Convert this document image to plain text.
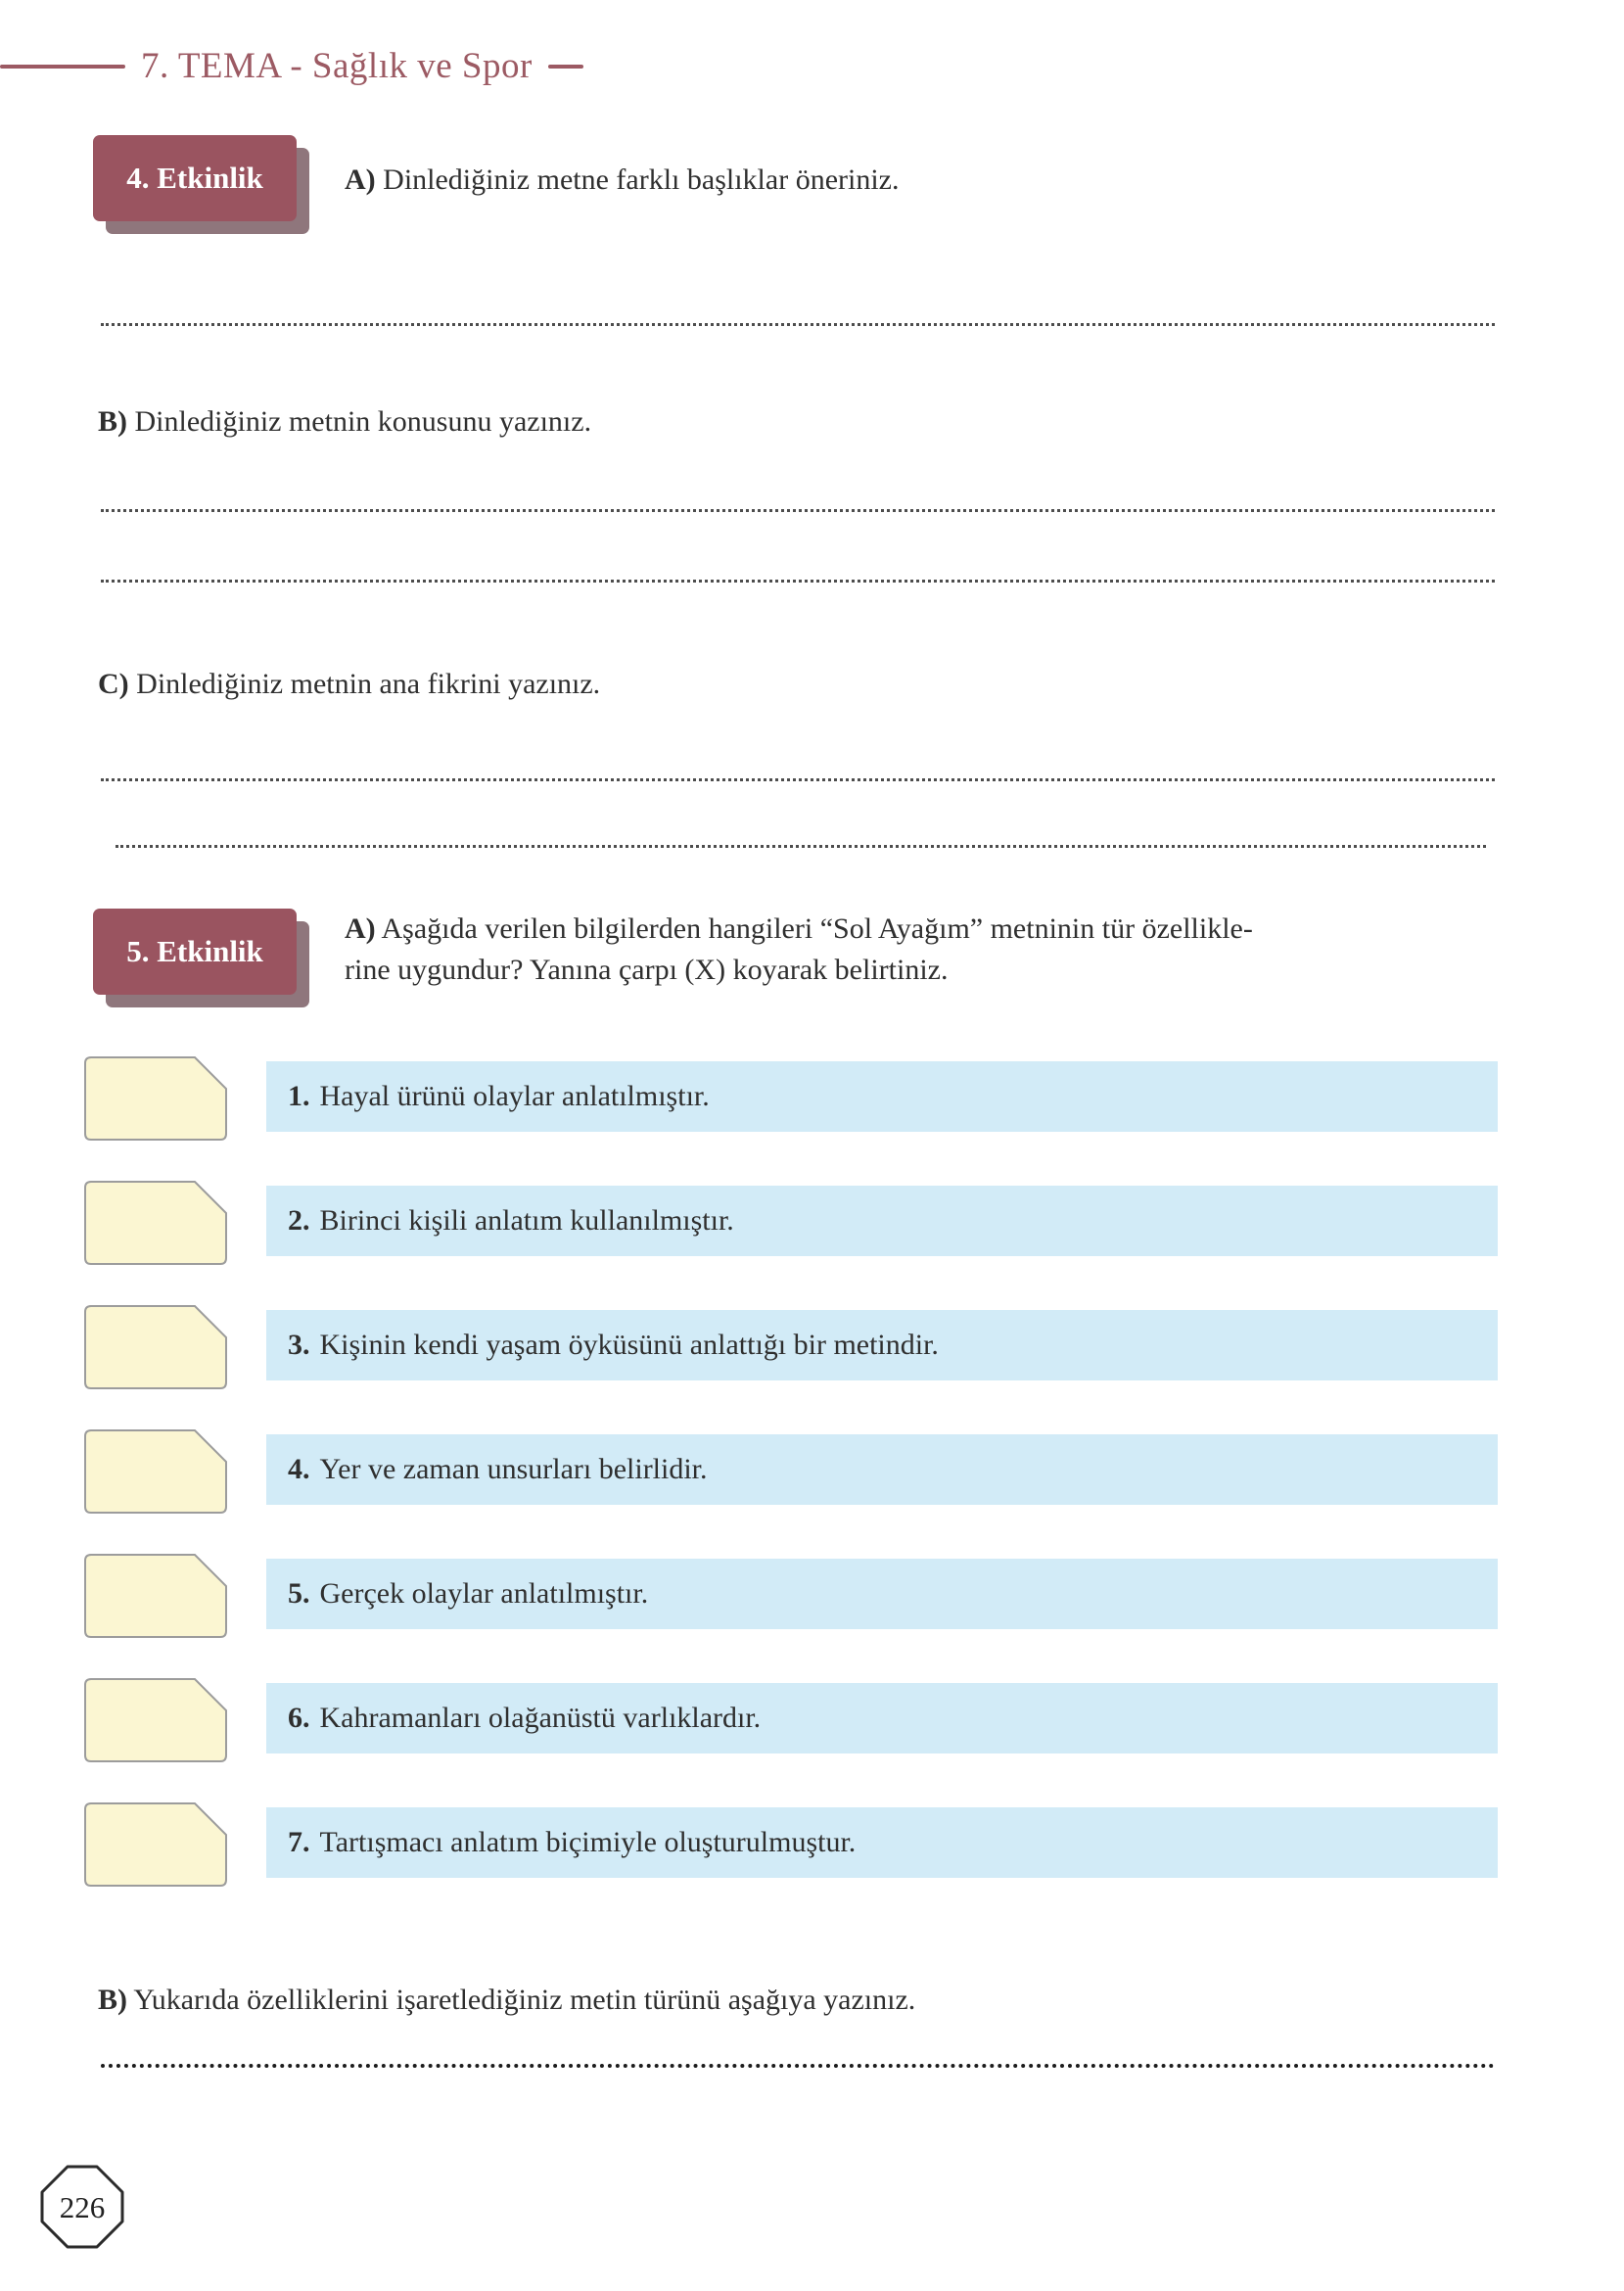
7. TEMA - Sağlık ve Spor
4. Etkinlik	A) Dinlediğiniz metne farklı başlıklar öneriniz.
B) Dinlediğiniz metnin konusunu yazınız.
C) Dinlediğiniz metnin ana fikrini yazınız.
5. Etkinlik
A) Aşağıda verilen bilgilerden hangileri “Sol Ayağım” metninin tür özellikle-
rine uygundur? Yanına çarpı (X) koyarak belirtiniz.
1. Hayal ürünü olaylar anlatılmıştır.
2. Birinci kişili anlatım kullanılmıştır.
3. Kişinin kendi yaşam öyküsünü anlattığı bir metindir.
4. Yer ve zaman unsurları belirlidir.
5. Gerçek olaylar anlatılmıştır.
6. Kahramanları olağanüstü varlıklardır.
7. Tartışmacı anlatım biçimiyle oluşturulmuştur.
B) Yukarıda özelliklerini işaretlediğiniz metin türünü aşağıya yazınız.
226
